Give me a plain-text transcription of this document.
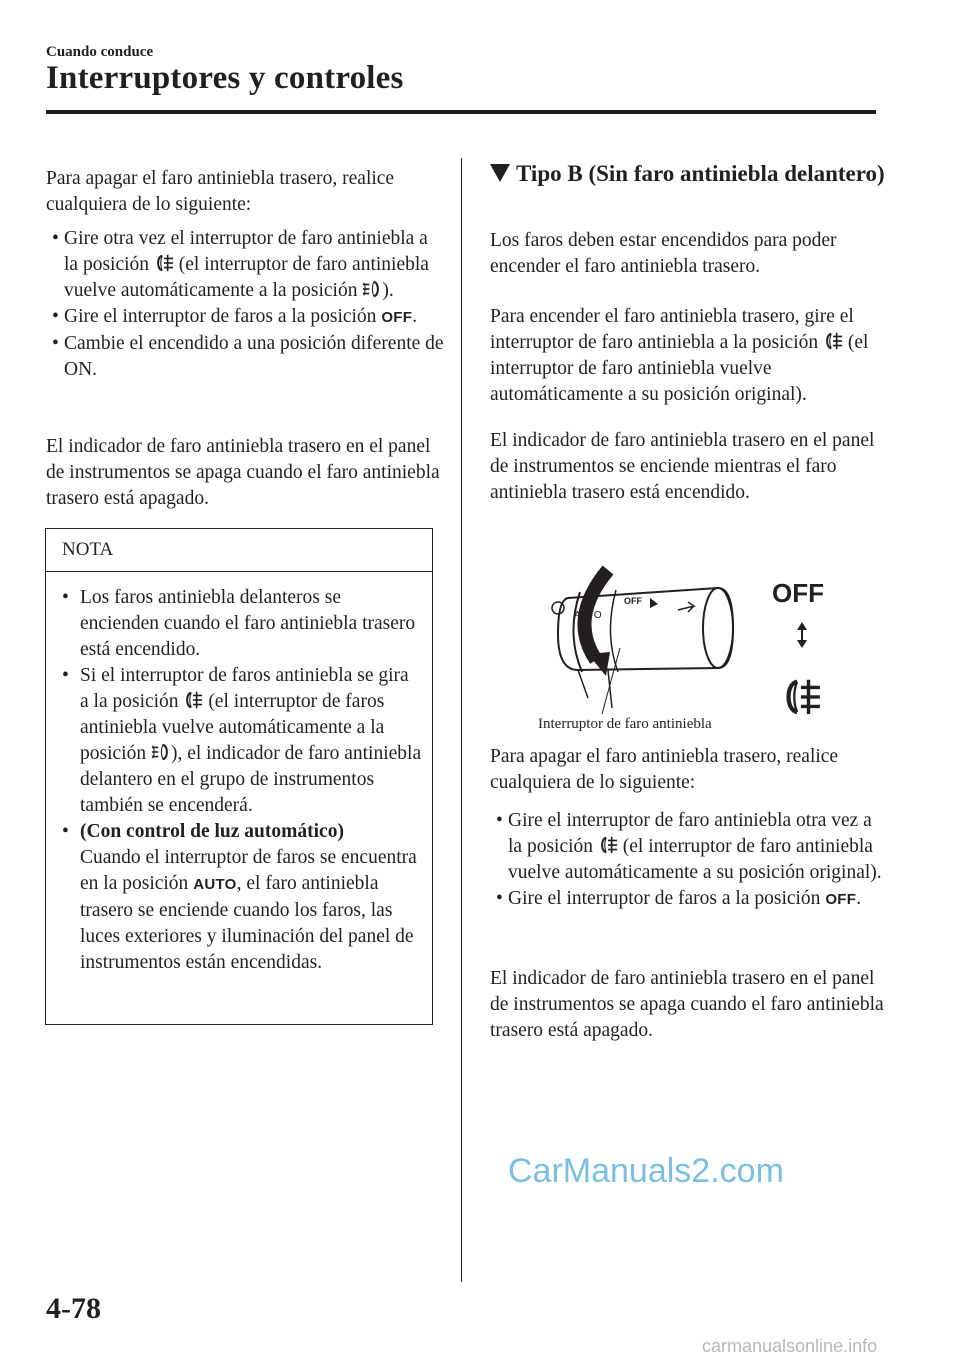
Cuando conduce
Interruptores y controles
Para apagar el faro antiniebla trasero, realice cualquiera de lo siguiente:
• Gire otra vez el interruptor de faro antiniebla a la posición (el interruptor de faro antiniebla vuelve automáticamente a la posición ).
• Gire el interruptor de faros a la posición OFF.
• Cambie el encendido a una posición diferente de ON.
El indicador de faro antiniebla trasero en el panel de instrumentos se apaga cuando el faro antiniebla trasero está apagado.
NOTA
• Los faros antiniebla delanteros se encienden cuando el faro antiniebla trasero está encendido.
• Si el interruptor de faros antiniebla se gira a la posición (el interruptor de faros antiniebla vuelve automáticamente a la posición ), el indicador de faro antiniebla delantero en el grupo de instrumentos también se encenderá.
• (Con control de luz automático)
Cuando el interruptor de faros se encuentra en la posición AUTO, el faro antiniebla trasero se enciende cuando los faros, las luces exteriores y iluminación del panel de instrumentos están encendidas.
Tipo B (Sin faro antiniebla delantero)
Los faros deben estar encendidos para poder encender el faro antiniebla trasero.
Para encender el faro antiniebla trasero, gire el interruptor de faro antiniebla a la posición (el interruptor de faro antiniebla vuelve automáticamente a su posición original).
El indicador de faro antiniebla trasero en el panel de instrumentos se enciende mientras el faro antiniebla trasero está encendido.
AUTO
OFF	OFF
Interruptor de faro antiniebla
Para apagar el faro antiniebla trasero, realice cualquiera de lo siguiente:
• Gire el interruptor de faro antiniebla otra vez a la posición (el interruptor de faro antiniebla vuelve automáticamente a su posición original).
• Gire el interruptor de faros a la posición OFF.
El indicador de faro antiniebla trasero en el panel de instrumentos se apaga cuando el faro antiniebla trasero está apagado.
4-78
CarManuals2.com
carmanualsonline.info
